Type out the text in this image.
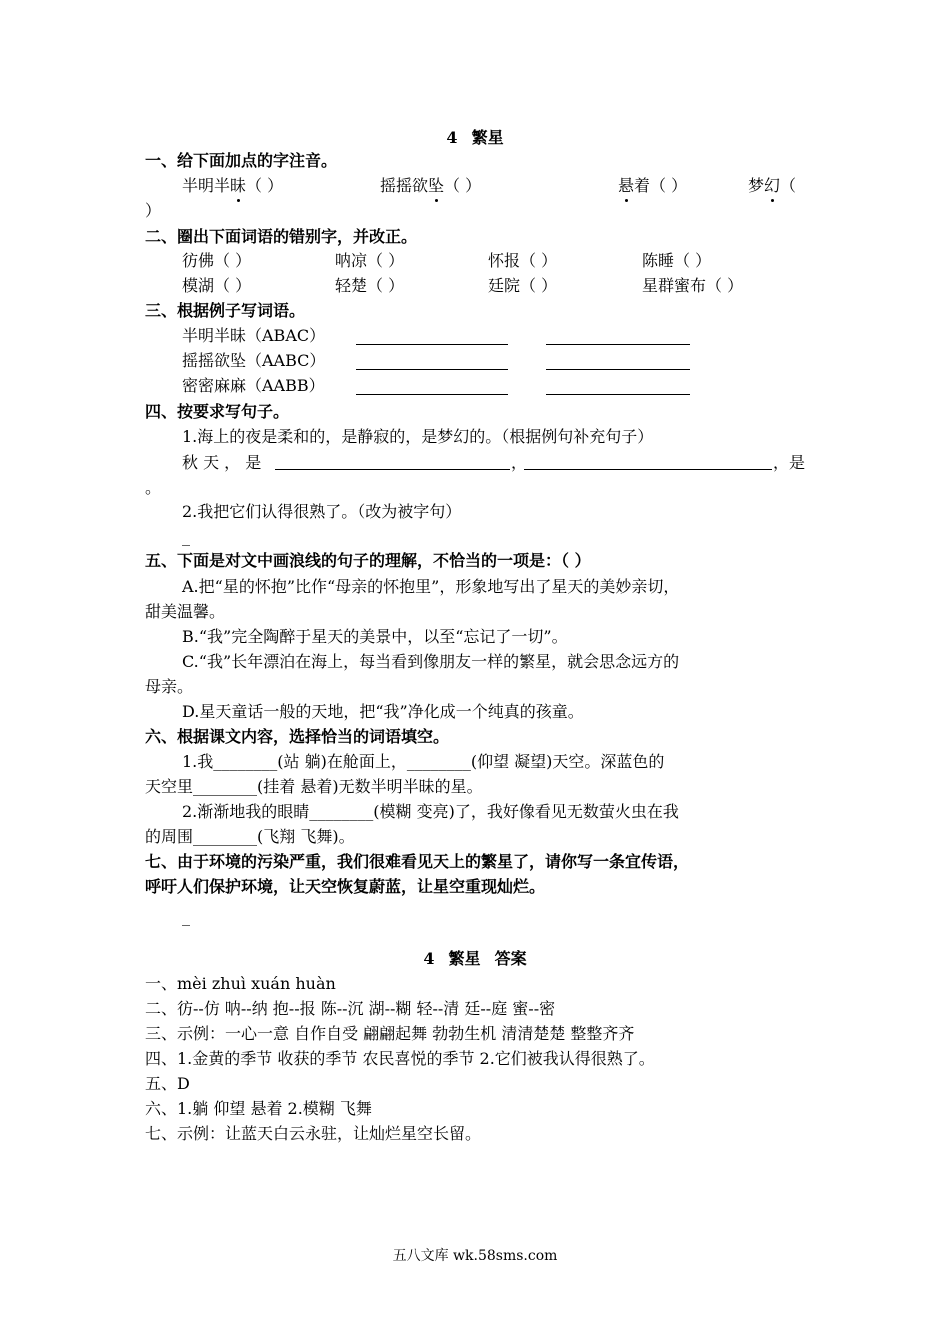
4 繁星
一、给下面加点的字注音。
半明半昧（ ）	摇摇欲坠（ ）	悬着（ ）	梦幻（
）
二、圈出下面词语的错别字，并改正。
彷佛（ ）	呐凉（ ）	怀报（ ）	陈睡（ ）
模湖（ ）	轻楚（ ）	廷院（ ）	星群蜜布（ ）
三、根据例子写词语。
半明半昧（ABAC）
摇摇欲坠（AABC）
密密麻麻（AABB）
四、按要求写句子。
1.海上的夜是柔和的，是静寂的，是梦幻的。（根据例句补充句子）
秋 天 ， 是	，	，是
。
2.我把它们认得很熟了。（改为被字句）
_
五、下面是对文中画浪线的句子的理解，不恰当的一项是：（ ）
A.把“星的怀抱”比作“母亲的怀抱里”，形象地写出了星天的美妙亲切，
甜美温馨。
B.“我”完全陶醉于星天的美景中，以至“忘记了一切”。
C.“我”长年漂泊在海上，每当看到像朋友一样的繁星，就会思念远方的
母亲。
D.星天童话一般的天地，把“我”净化成一个纯真的孩童。
六、根据课文内容，选择恰当的词语填空。
1.我________(站 躺)在舱面上，________(仰望 凝望)天空。深蓝色的
天空里________(挂着 悬着)无数半明半昧的星。
2.渐渐地我的眼睛________(模糊 变亮)了，我好像看见无数萤火虫在我
的周围________(飞翔 飞舞)。
七、由于环境的污染严重，我们很难看见天上的繁星了，请你写一条宜传语，
呼吁人们保护环境，让天空恢复蔚蓝，让星空重现灿烂。
_
4 繁星 答案
一、mèi zhuì xuán huàn
二、彷--仿 呐--纳 抱--报 陈--沉 湖--糊 轻--清 廷--庭 蜜--密
三、示例：一心一意 自作自受 翩翩起舞 勃勃生机 清清楚楚 整整齐齐
四、1.金黄的季节 收获的季节 农民喜悦的季节 2.它们被我认得很熟了。
五、D
六、1.躺 仰望 悬着 2.模糊 飞舞
七、示例：让蓝天白云永驻，让灿烂星空长留。
五八文库 wk.58sms.com
